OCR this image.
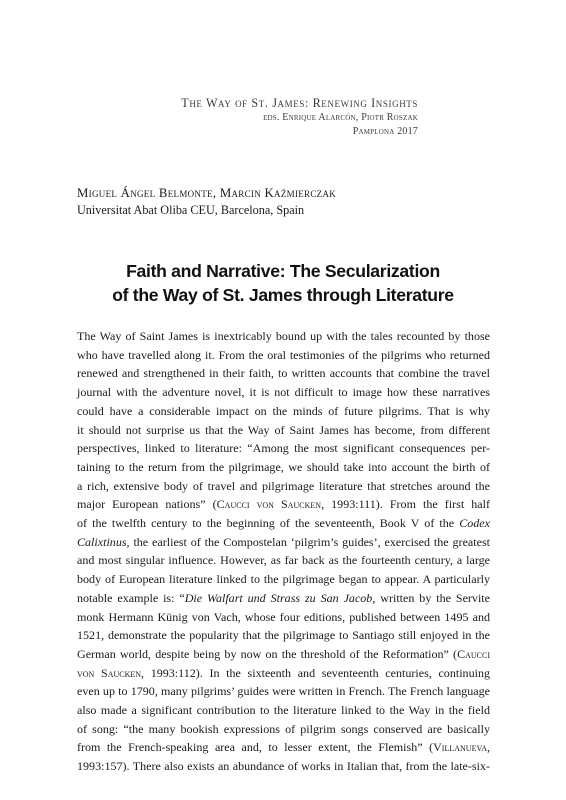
The Way of St. James: Renewing Insights
eds. Enrique Alarcón, Piotr Roszak
Pamplona 2017
Miguel Ángel Belmonte, Marcin Kaźmierczak
Universitat Abat Oliba CEU, Barcelona, Spain
Faith and Narrative: The Secularization
of the Way of St. James through Literature
The Way of Saint James is inextricably bound up with the tales recounted by those
who have travelled along it. From the oral testimonies of the pilgrims who returned
renewed and strengthened in their faith, to written accounts that combine the travel
journal with the adventure novel, it is not difficult to image how these narratives
could have a considerable impact on the minds of future pilgrims. That is why
it should not surprise us that the Way of Saint James has become, from different
perspectives, linked to literature: “Among the most significant consequences per-
taining to the return from the pilgrimage, we should take into account the birth of
a rich, extensive body of travel and pilgrimage literature that stretches around the
major European nations” (Caucci von Saucken, 1993:111). From the first half
of the twelfth century to the beginning of the seventeenth, Book V of the Codex
Calixtinus, the earliest of the Compostelan ‘pilgrim’s guides’, exercised the greatest
and most singular influence. However, as far back as the fourteenth century, a large
body of European literature linked to the pilgrimage began to appear. A particularly
notable example is: “Die Walfart und Strass zu San Jacob, written by the Servite
monk Hermann Künig von Vach, whose four editions, published between 1495 and
1521, demonstrate the popularity that the pilgrimage to Santiago still enjoyed in the
German world, despite being by now on the threshold of the Reformation” (Caucci
von Saucken, 1993:112). In the sixteenth and seventeenth centuries, continuing
even up to 1790, many pilgrims’ guides were written in French. The French language
also made a significant contribution to the literature linked to the Way in the field
of song: “the many bookish expressions of pilgrim songs conserved are basically
from the French-speaking area and, to lesser extent, the Flemish” (Villanueva,
1993:157). There also exists an abundance of works in Italian that, from the late-six-
